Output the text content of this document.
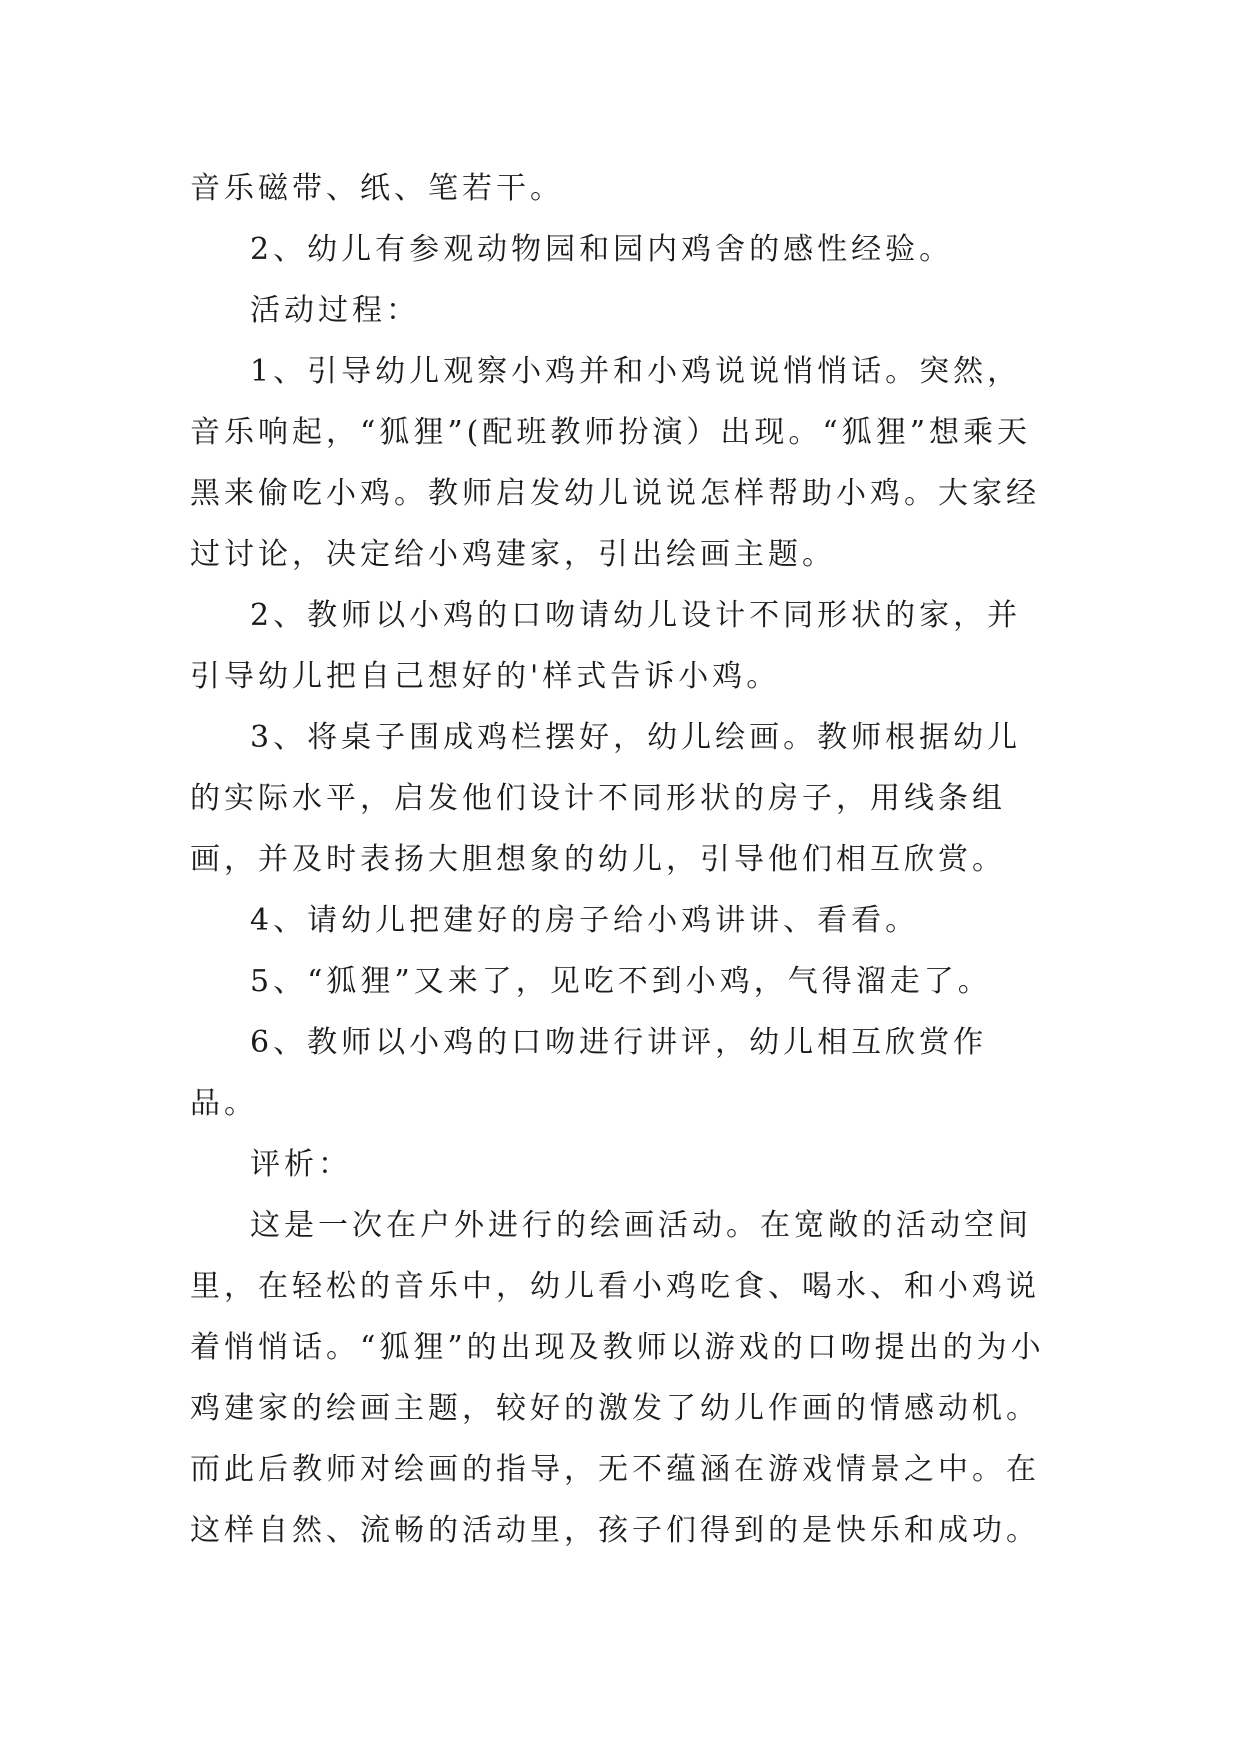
音乐磁带、纸、笔若干。

2、幼儿有参观动物园和园内鸡舍的感性经验。

活动过程：

1、引导幼儿观察小鸡并和小鸡说说悄悄话。突然，音乐响起，“狐狸”(配班教师扮演）出现。“狐狸”想乘天黑来偷吃小鸡。教师启发幼儿说说怎样帮助小鸡。大家经过讨论，决定给小鸡建家，引出绘画主题。

2、教师以小鸡的口吻请幼儿设计不同形状的家，并引导幼儿把自己想好的'样式告诉小鸡。

3、将桌子围成鸡栏摆好，幼儿绘画。教师根据幼儿的实际水平，启发他们设计不同形状的房子，用线条组画，并及时表扬大胆想象的幼儿，引导他们相互欣赏。

4、请幼儿把建好的房子给小鸡讲讲、看看。

5、“狐狸”又来了，见吃不到小鸡，气得溜走了。

6、教师以小鸡的口吻进行讲评，幼儿相互欣赏作品。

评析：

这是一次在户外进行的绘画活动。在宽敞的活动空间里，在轻松的音乐中，幼儿看小鸡吃食、喝水、和小鸡说着悄悄话。“狐狸”的出现及教师以游戏的口吻提出的为小鸡建家的绘画主题，较好的激发了幼儿作画的情感动机。而此后教师对绘画的指导，无不蕴涵在游戏情景之中。在这样自然、流畅的活动里，孩子们得到的是快乐和成功。
